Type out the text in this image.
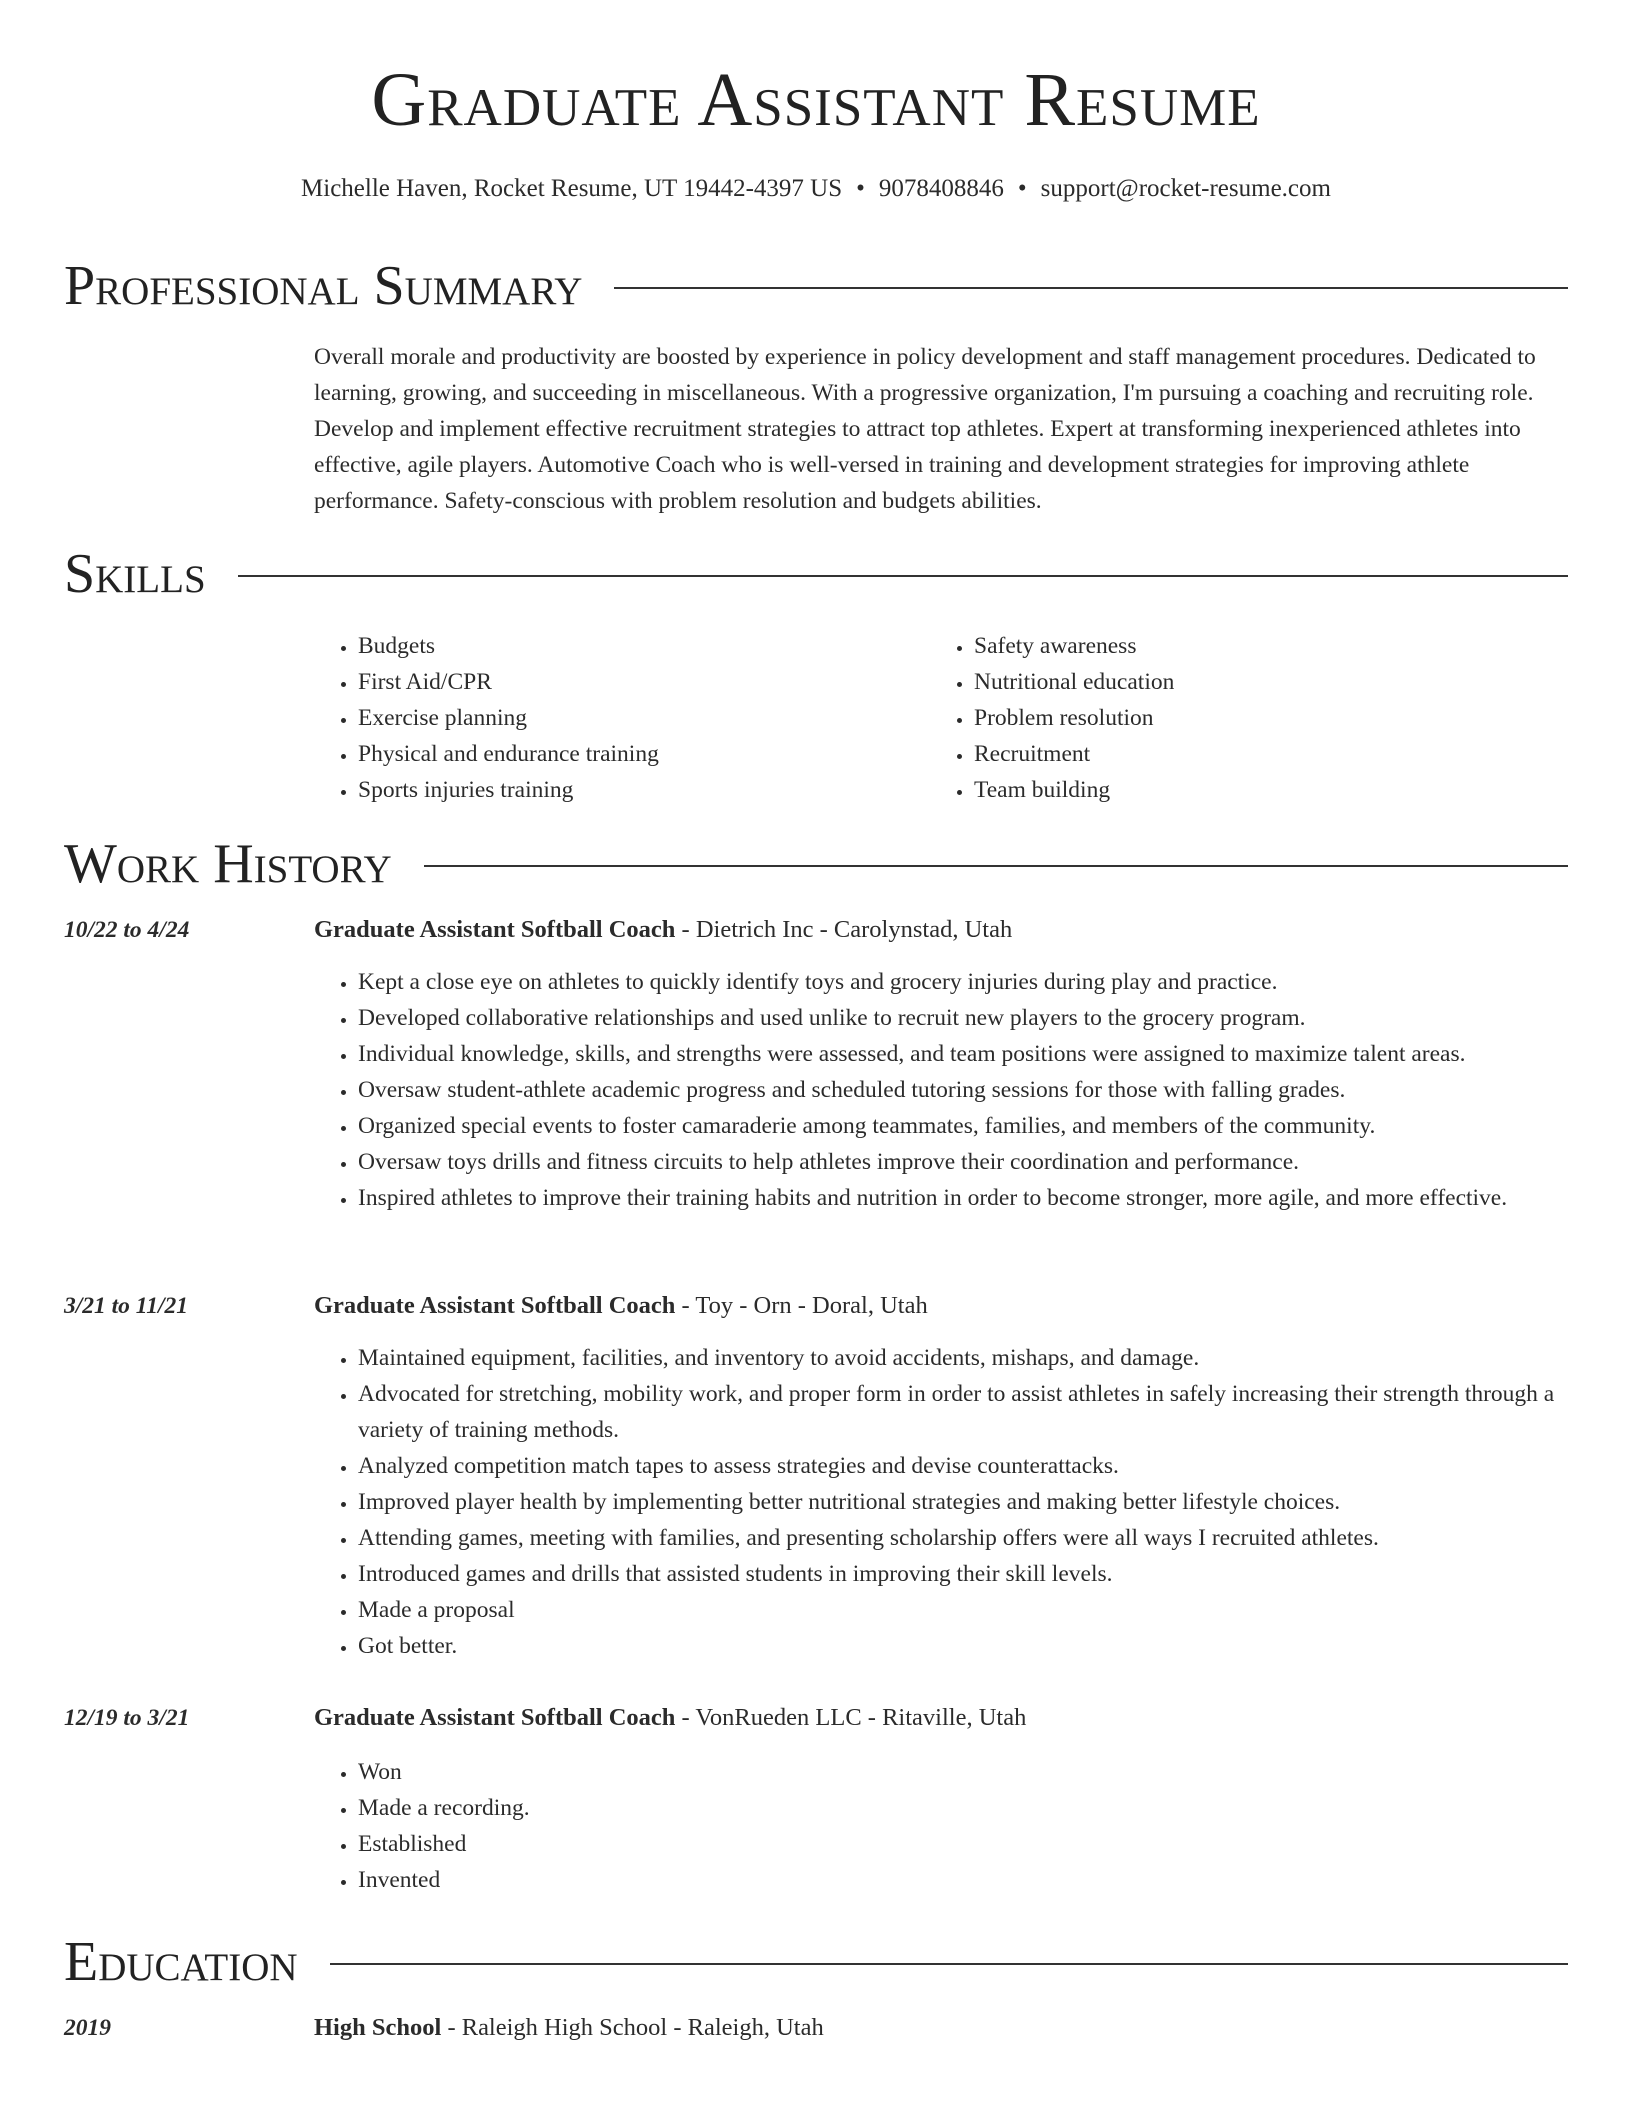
Graduate Assistant Resume
Michelle Haven, Rocket Resume, UT 19442-4397 US • 9078408846 • support@rocket-resume.com
Professional Summary

Overall morale and productivity are boosted by experience in policy development and staff management procedures. Dedicated to learning, growing, and succeeding in miscellaneous. With a progressive organization, I'm pursuing a coaching and recruiting role. Develop and implement effective recruitment strategies to attract top athletes. Expert at transforming inexperienced athletes into effective, agile players. Automotive Coach who is well-versed in training and development strategies for improving athlete performance. Safety-conscious with problem resolution and budgets abilities.

Skills
• Budgets
• First Aid/CPR
• Exercise planning
• Physical and endurance training
• Sports injuries training
• Safety awareness
• Nutritional education
• Problem resolution
• Recruitment
• Team building
Work History
10/22 to 4/24	Graduate Assistant Softball Coach - Dietrich Inc - Carolynstad, Utah
• Kept a close eye on athletes to quickly identify toys and grocery injuries during play and practice.
• Developed collaborative relationships and used unlike to recruit new players to the grocery program.
• Individual knowledge, skills, and strengths were assessed, and team positions were assigned to maximize talent areas.
• Oversaw student-athlete academic progress and scheduled tutoring sessions for those with falling grades.
• Organized special events to foster camaraderie among teammates, families, and members of the community.
• Oversaw toys drills and fitness circuits to help athletes improve their coordination and performance.
• Inspired athletes to improve their training habits and nutrition in order to become stronger, more agile, and more effective.
3/21 to 11/21	Graduate Assistant Softball Coach - Toy - Orn - Doral, Utah
• Maintained equipment, facilities, and inventory to avoid accidents, mishaps, and damage.
• Advocated for stretching, mobility work, and proper form in order to assist athletes in safely increasing their strength through a variety of training methods.
• Analyzed competition match tapes to assess strategies and devise counterattacks.
• Improved player health by implementing better nutritional strategies and making better lifestyle choices.
• Attending games, meeting with families, and presenting scholarship offers were all ways I recruited athletes.
• Introduced games and drills that assisted students in improving their skill levels.
• Made a proposal
• Got better.
12/19 to 3/21	Graduate Assistant Softball Coach - VonRueden LLC - Ritaville, Utah
• Won
• Made a recording.
• Established
• Invented
Education
2019	High School - Raleigh High School - Raleigh, Utah
